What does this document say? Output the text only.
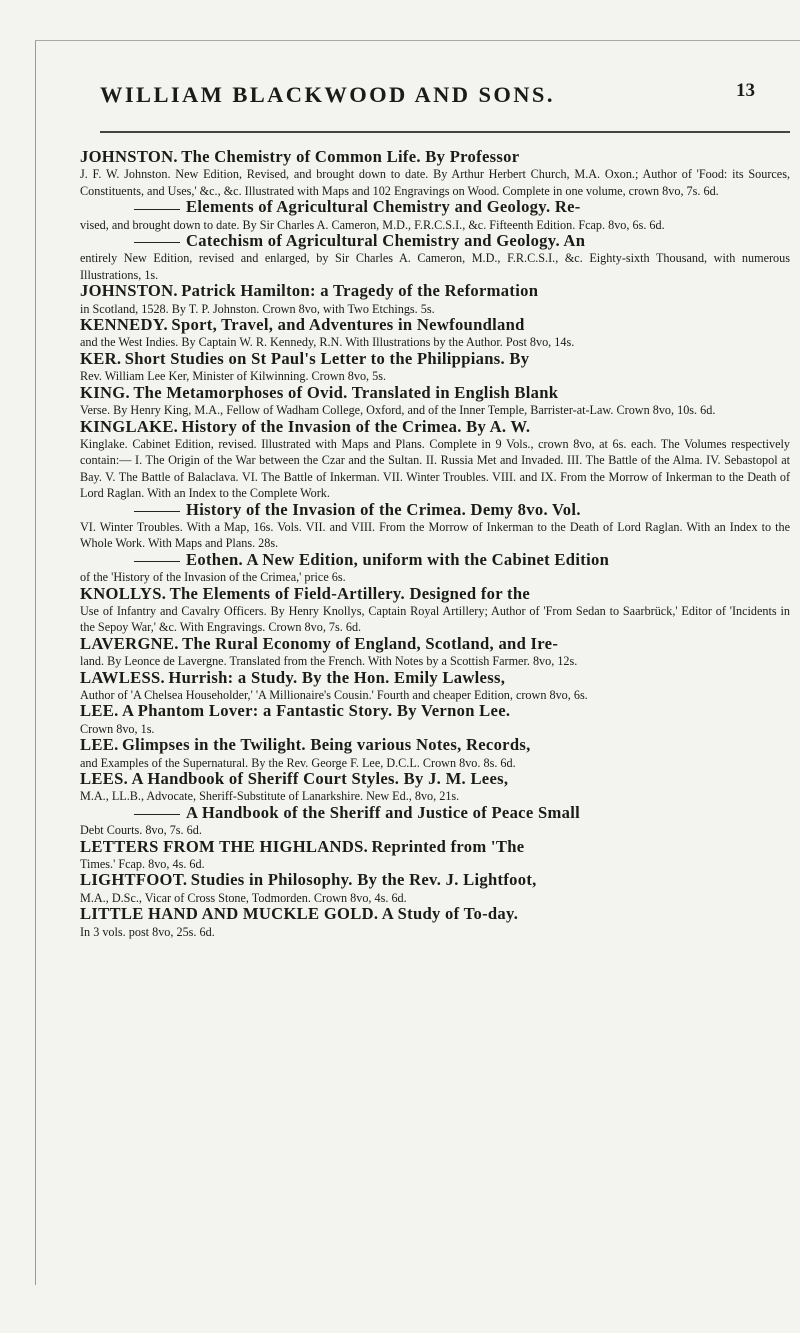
WILLIAM BLACKWOOD AND SONS.	13

JOHNSTON. The Chemistry of Common Life. By Professor
J. F. W. Johnston. New Edition, Revised, and brought down to date. By Arthur Herbert Church, M.A. Oxon.; Author of 'Food: its Sources, Constituents, and Uses,' &c., &c. Illustrated with Maps and 102 Engravings on Wood. Complete in one volume, crown 8vo, 7s. 6d.

Elements of Agricultural Chemistry and Geology. Re-
vised, and brought down to date. By Sir Charles A. Cameron, M.D., F.R.C.S.I., &c. Fifteenth Edition. Fcap. 8vo, 6s. 6d.

Catechism of Agricultural Chemistry and Geology. An
entirely New Edition, revised and enlarged, by Sir Charles A. Cameron, M.D., F.R.C.S.I., &c. Eighty-sixth Thousand, with numerous Illustrations, 1s.

JOHNSTON. Patrick Hamilton: a Tragedy of the Reformation
in Scotland, 1528. By T. P. Johnston. Crown 8vo, with Two Etchings. 5s.

KENNEDY. Sport, Travel, and Adventures in Newfoundland
and the West Indies. By Captain W. R. Kennedy, R.N. With Illustrations by the Author. Post 8vo, 14s.

KER. Short Studies on St Paul's Letter to the Philippians. By
Rev. William Lee Ker, Minister of Kilwinning. Crown 8vo, 5s.

KING. The Metamorphoses of Ovid. Translated in English Blank
Verse. By Henry King, M.A., Fellow of Wadham College, Oxford, and of the Inner Temple, Barrister-at-Law. Crown 8vo, 10s. 6d.

KINGLAKE. History of the Invasion of the Crimea. By A. W.
Kinglake. Cabinet Edition, revised. Illustrated with Maps and Plans. Complete in 9 Vols., crown 8vo, at 6s. each. The Volumes respectively contain:— I. The Origin of the War between the Czar and the Sultan. II. Russia Met and Invaded. III. The Battle of the Alma. IV. Sebastopol at Bay. V. The Battle of Balaclava. VI. The Battle of Inkerman. VII. Winter Troubles. VIII. and IX. From the Morrow of Inkerman to the Death of Lord Raglan. With an Index to the Complete Work.

History of the Invasion of the Crimea. Demy 8vo. Vol.
VI. Winter Troubles. With a Map, 16s. Vols. VII. and VIII. From the Morrow of Inkerman to the Death of Lord Raglan. With an Index to the Whole Work. With Maps and Plans. 28s.

Eothen. A New Edition, uniform with the Cabinet Edition
of the 'History of the Invasion of the Crimea,' price 6s.

KNOLLYS. The Elements of Field-Artillery. Designed for the
Use of Infantry and Cavalry Officers. By Henry Knollys, Captain Royal Artillery; Author of 'From Sedan to Saarbrück,' Editor of 'Incidents in the Sepoy War,' &c. With Engravings. Crown 8vo, 7s. 6d.

LAVERGNE. The Rural Economy of England, Scotland, and Ire-
land. By Leonce de Lavergne. Translated from the French. With Notes by a Scottish Farmer. 8vo, 12s.

LAWLESS. Hurrish: a Study. By the Hon. Emily Lawless,
Author of 'A Chelsea Householder,' 'A Millionaire's Cousin.' Fourth and cheaper Edition, crown 8vo, 6s.

LEE. A Phantom Lover: a Fantastic Story. By Vernon Lee.
Crown 8vo, 1s.

LEE. Glimpses in the Twilight. Being various Notes, Records,
and Examples of the Supernatural. By the Rev. George F. Lee, D.C.L. Crown 8vo. 8s. 6d.

LEES. A Handbook of Sheriff Court Styles. By J. M. Lees,
M.A., LL.B., Advocate, Sheriff-Substitute of Lanarkshire. New Ed., 8vo, 21s.

A Handbook of the Sheriff and Justice of Peace Small
Debt Courts. 8vo, 7s. 6d.

LETTERS FROM THE HIGHLANDS. Reprinted from 'The
Times.' Fcap. 8vo, 4s. 6d.

LIGHTFOOT. Studies in Philosophy. By the Rev. J. Lightfoot,
M.A., D.Sc., Vicar of Cross Stone, Todmorden. Crown 8vo, 4s. 6d.

LITTLE HAND AND MUCKLE GOLD. A Study of To-day.
In 3 vols. post 8vo, 25s. 6d.
